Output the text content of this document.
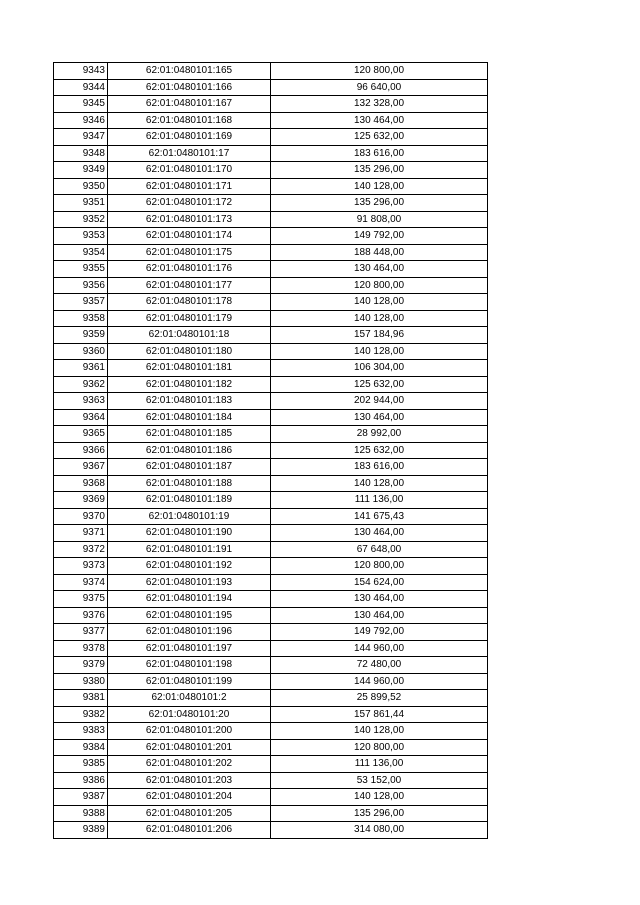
9343	62:01:0480101:165	120 800,00
9344	62:01:0480101:166	96 640,00
9345	62:01:0480101:167	132 328,00
9346	62:01:0480101:168	130 464,00
9347	62:01:0480101:169	125 632,00
9348	62:01:0480101:17	183 616,00
9349	62:01:0480101:170	135 296,00
9350	62:01:0480101:171	140 128,00
9351	62:01:0480101:172	135 296,00
9352	62:01:0480101:173	91 808,00
9353	62:01:0480101:174	149 792,00
9354	62:01:0480101:175	188 448,00
9355	62:01:0480101:176	130 464,00
9356	62:01:0480101:177	120 800,00
9357	62:01:0480101:178	140 128,00
9358	62:01:0480101:179	140 128,00
9359	62:01:0480101:18	157 184,96
9360	62:01:0480101:180	140 128,00
9361	62:01:0480101:181	106 304,00
9362	62:01:0480101:182	125 632,00
9363	62:01:0480101:183	202 944,00
9364	62:01:0480101:184	130 464,00
9365	62:01:0480101:185	28 992,00
9366	62:01:0480101:186	125 632,00
9367	62:01:0480101:187	183 616,00
9368	62:01:0480101:188	140 128,00
9369	62:01:0480101:189	111 136,00
9370	62:01:0480101:19	141 675,43
9371	62:01:0480101:190	130 464,00
9372	62:01:0480101:191	67 648,00
9373	62:01:0480101:192	120 800,00
9374	62:01:0480101:193	154 624,00
9375	62:01:0480101:194	130 464,00
9376	62:01:0480101:195	130 464,00
9377	62:01:0480101:196	149 792,00
9378	62:01:0480101:197	144 960,00
9379	62:01:0480101:198	72 480,00
9380	62:01:0480101:199	144 960,00
9381	62:01:0480101:2	25 899,52
9382	62:01:0480101:20	157 861,44
9383	62:01:0480101:200	140 128,00
9384	62:01:0480101:201	120 800,00
9385	62:01:0480101:202	111 136,00
9386	62:01:0480101:203	53 152,00
9387	62:01:0480101:204	140 128,00
9388	62:01:0480101:205	135 296,00
9389	62:01:0480101:206	314 080,00
